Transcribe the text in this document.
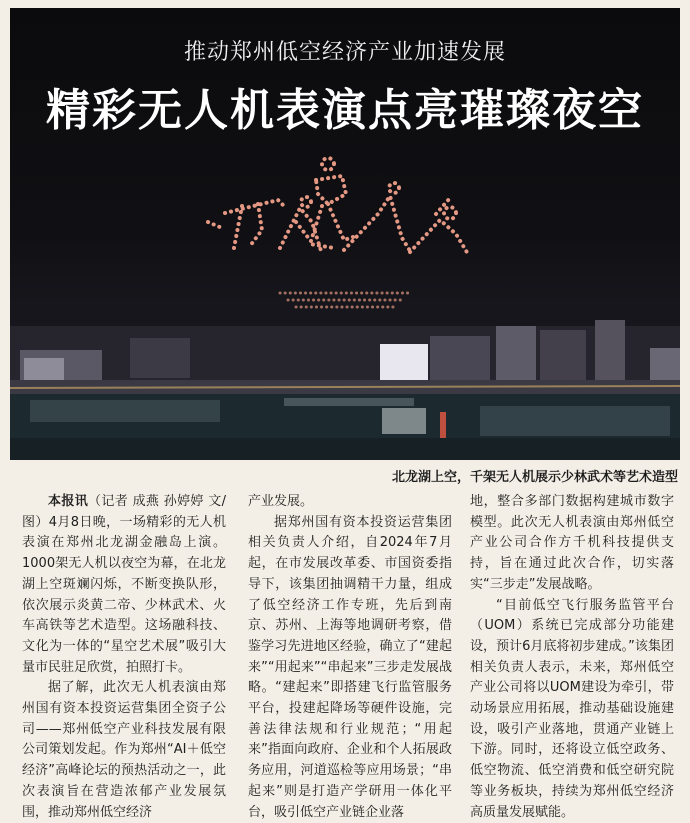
推动郑州低空经济产业加速发展
精彩无人机表演点亮璀璨夜空
北龙湖上空，千架无人机展示少林武术等艺术造型

本报讯（记者 成燕 孙婷婷 文/图）4月8日晚，一场精彩的无人机表演在郑州北龙湖金融岛上演。1000架无人机以夜空为幕，在北龙湖上空斑斓闪烁，不断变换队形，依次展示炎黄二帝、少林武术、火车高铁等艺术造型。这场融科技、文化为一体的“星空艺术展”吸引大量市民驻足欣赏，拍照打卡。

据了解，此次无人机表演由郑州国有资本投资运营集团全资子公司——郑州低空产业科技发展有限公司策划发起。作为郑州“AI＋低空经济”高峰论坛的预热活动之一，此次表演旨在营造浓郁产业发展氛围，推动郑州低空经济

产业发展。

据郑州国有资本投资运营集团相关负责人介绍，自2024年7月起，在市发展改革委、市国资委指导下，该集团抽调精干力量，组成了低空经济工作专班，先后到南京、苏州、上海等地调研考察，借鉴学习先进地区经验，确立了“建起来”“用起来”“串起来”三步走发展战略。“建起来”即搭建飞行监管服务平台，投建起降场等硬件设施，完善法律法规和行业规范；“用起来”指面向政府、企业和个人拓展政务应用，河道巡检等应用场景；“串起来”则是打造产学研用一体化平台，吸引低空产业链企业落

地，整合多部门数据构建城市数字模型。此次无人机表演由郑州低空产业公司合作方千机科技提供支持，旨在通过此次合作，切实落实“三步走”发展战略。

“目前低空飞行服务监管平台（UOM）系统已完成部分功能建设，预计6月底将初步建成。”该集团相关负责人表示，未来，郑州低空产业公司将以UOM建设为牵引，带动场景应用拓展，推动基础设施建设，吸引产业落地，贯通产业链上下游。同时，还将设立低空政务、低空物流、低空消费和低空研究院等业务板块，持续为郑州低空经济高质量发展赋能。
